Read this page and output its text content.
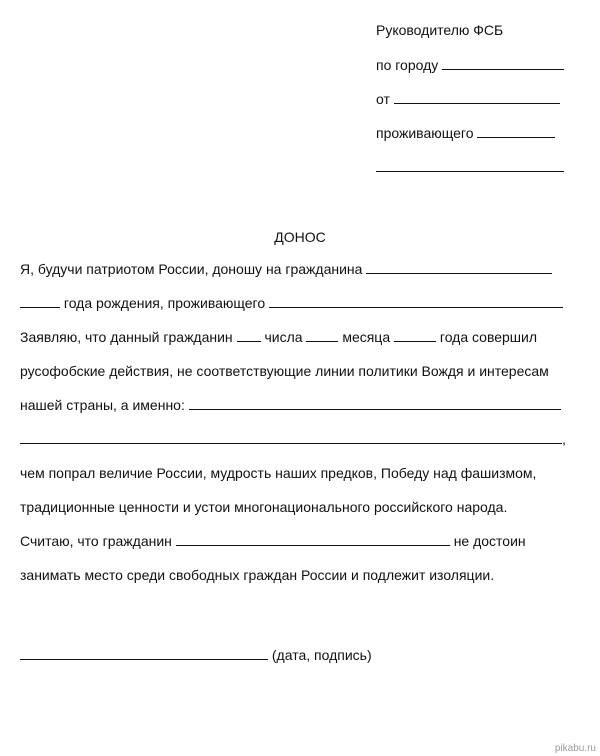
Руководителю ФСБ
по городу
от
проживающего
ДОНОС
Я, будучи патриотом России, доношу на гражданина
года рождения, проживающего
Заявляю, что данный гражданин числа	месяца	года совершил
русофобские действия, не соответствующие линии политики Вождя и интересам
нашей страны, а именно:
,
чем попрал величие России, мудрость наших предков, Победу над фашизмом,
традиционные ценности и устои многонационального российского народа.
Считаю, что гражданин	не достоин
занимать место среди свободных граждан России и подлежит изоляции.
(дата, подпись)
pikabu.ru
